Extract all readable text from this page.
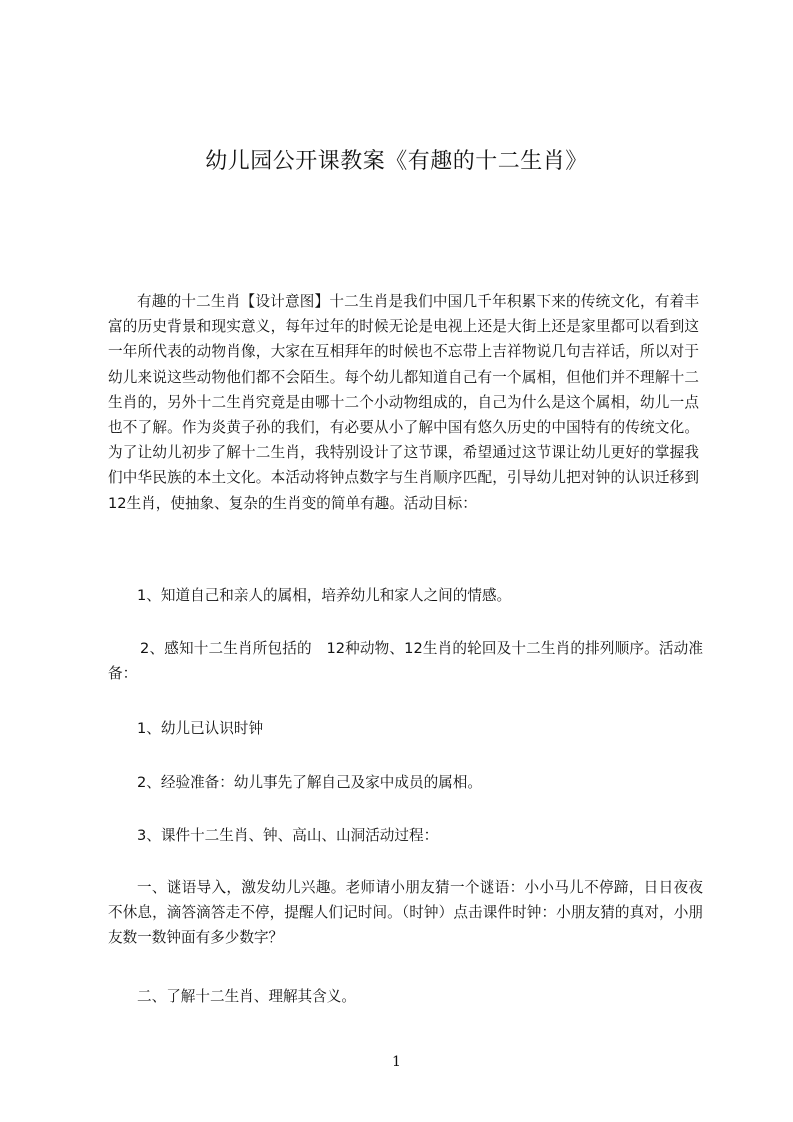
幼儿园公开课教案《有趣的十二生肖》
有趣的十二生肖【设计意图】十二生肖是我们中国几千年积累下来的传统文化，有着丰富的历史背景和现实意义，每年过年的时候无论是电视上还是大街上还是家里都可以看到这一年所代表的动物肖像，大家在互相拜年的时候也不忘带上吉祥物说几句吉祥话，所以对于幼儿来说这些动物他们都不会陌生。每个幼儿都知道自己有一个属相，但他们并不理解十二生肖的，另外十二生肖究竟是由哪十二个小动物组成的，自己为什么是这个属相，幼儿一点也不了解。作为炎黄子孙的我们，有必要从小了解中国有悠久历史的中国特有的传统文化。为了让幼儿初步了解十二生肖，我特别设计了这节课，希望通过这节课让幼儿更好的掌握我们中华民族的本土文化。本活动将钟点数字与生肖顺序匹配，引导幼儿把对钟的认识迁移到12生肖，使抽象、复杂的生肖变的简单有趣。活动目标：
1、知道自己和亲人的属相，培养幼儿和家人之间的情感。
2、感知十二生肖所包括的　12种动物、12生肖的轮回及十二生肖的排列顺序。活动准备：
1、幼儿已认识时钟
2、经验准备：幼儿事先了解自己及家中成员的属相。
3、课件十二生肖、钟、高山、山洞活动过程：
一、谜语导入，激发幼儿兴趣。老师请小朋友猜一个谜语：小小马儿不停蹄，日日夜夜不休息，滴答滴答走不停，提醒人们记时间。（时钟）点击课件时钟：小朋友猜的真对，小朋友数一数钟面有多少数字？
二、了解十二生肖、理解其含义。
1
